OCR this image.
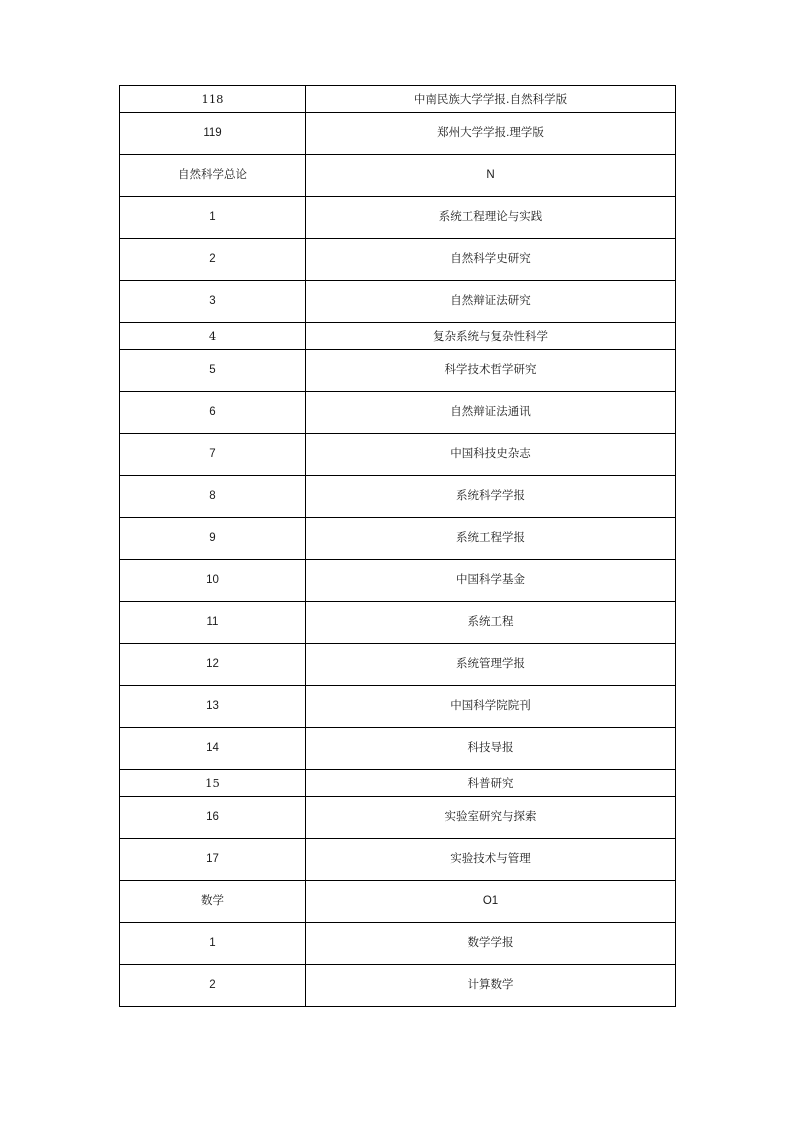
118	中南民族大学学报.自然科学版
119	郑州大学学报.理学版
自然科学总论	N
1	系统工程理论与实践
2	自然科学史研究
3	自然辩证法研究
4	复杂系统与复杂性科学
5	科学技术哲学研究
6	自然辩证法通讯
7	中国科技史杂志
8	系统科学学报
9	系统工程学报
10	中国科学基金
11	系统工程
12	系统管理学报
13	中国科学院院刊
14	科技导报
15	科普研究
16	实验室研究与探索
17	实验技术与管理
数学	O1
1	数学学报
2	计算数学
